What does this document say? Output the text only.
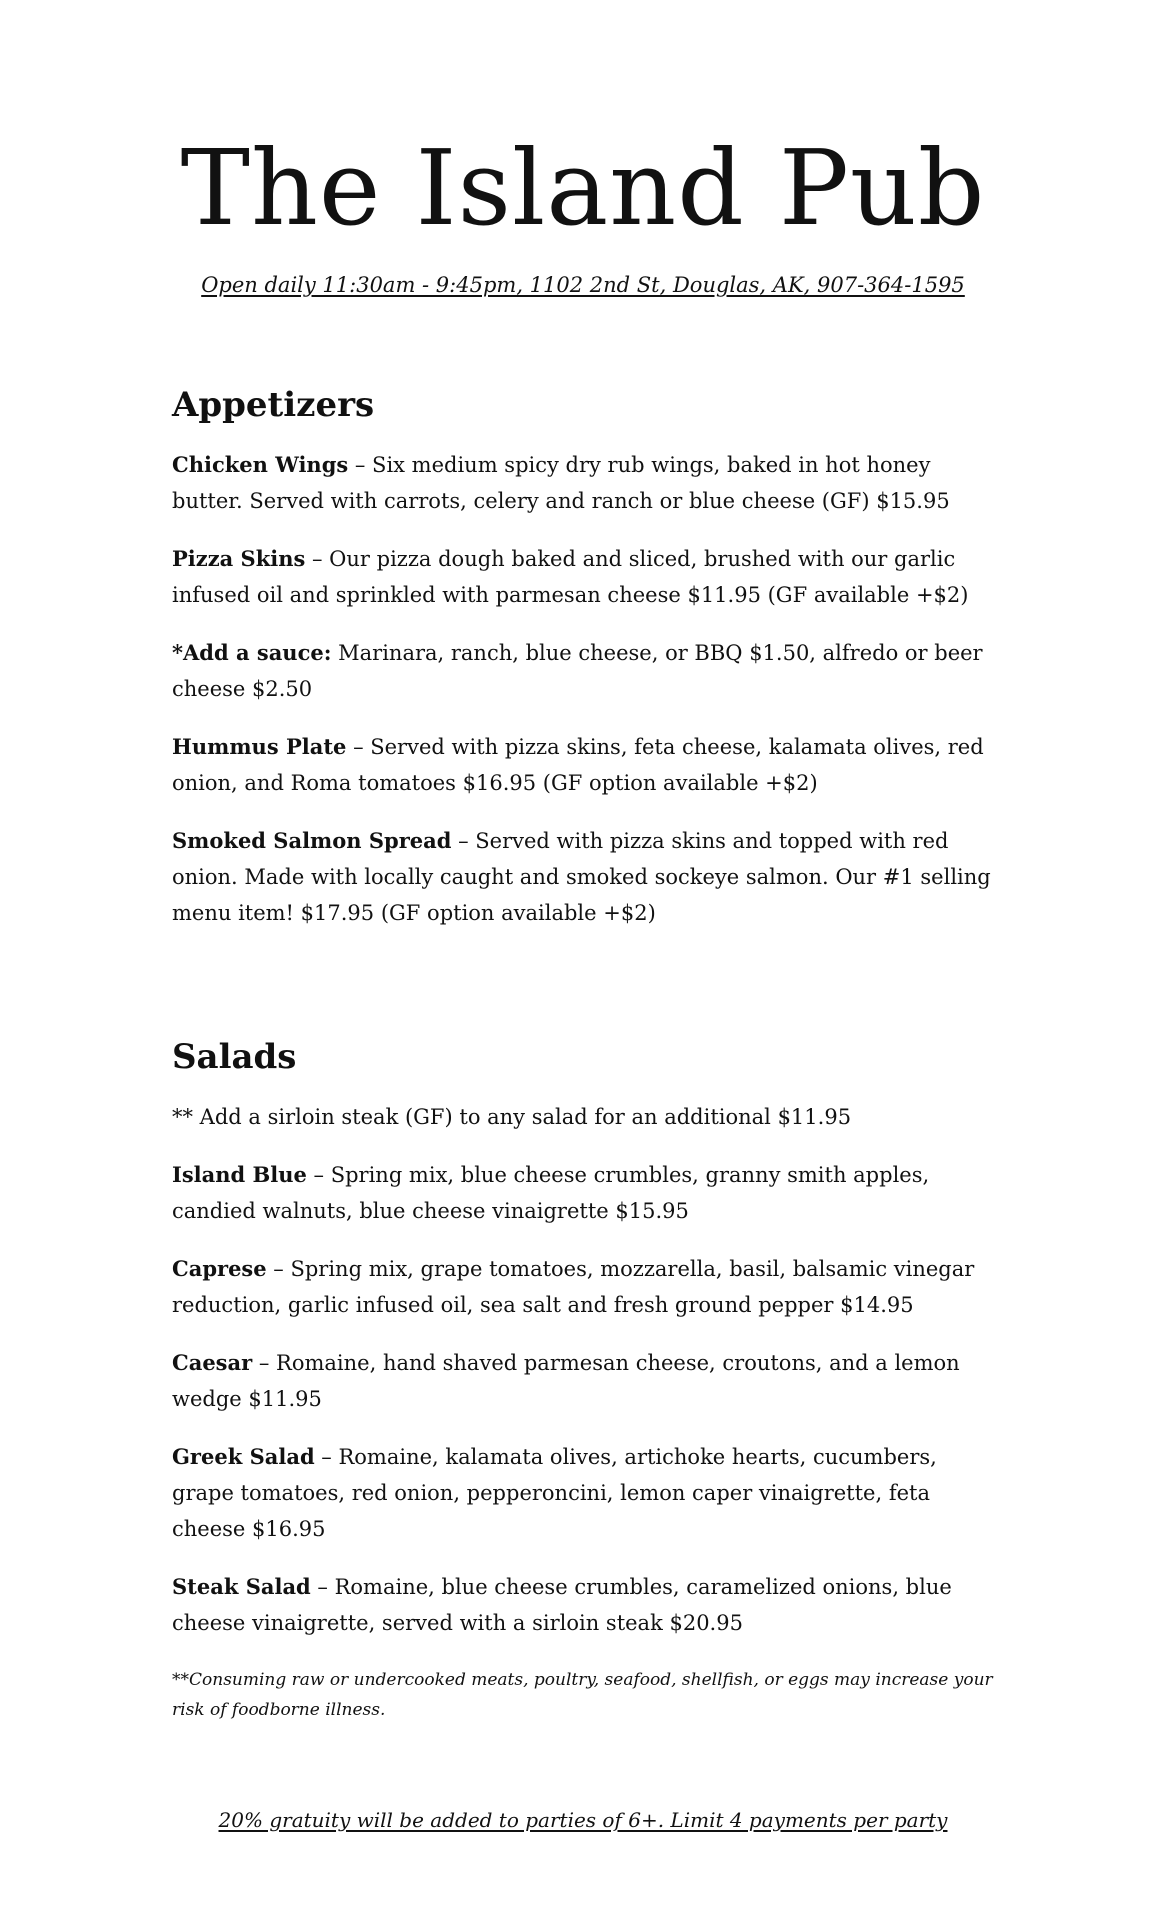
The Island Pub

Open daily 11:30am - 9:45pm, 1102 2nd St, Douglas, AK, 907-364-1595

Appetizers

Chicken Wings – Six medium spicy dry rub wings, baked in hot honey butter. Served with carrots, celery and ranch or blue cheese (GF) $15.95

Pizza Skins – Our pizza dough baked and sliced, brushed with our garlic infused oil and sprinkled with parmesan cheese $11.95 (GF available +$2)

*Add a sauce: Marinara, ranch, blue cheese, or BBQ $1.50, alfredo or beer cheese $2.50

Hummus Plate – Served with pizza skins, feta cheese, kalamata olives, red onion, and Roma tomatoes $16.95 (GF option available +$2)

Smoked Salmon Spread – Served with pizza skins and topped with red onion. Made with locally caught and smoked sockeye salmon. Our #1 selling menu item! $17.95 (GF option available +$2)

Salads

** Add a sirloin steak (GF) to any salad for an additional $11.95

Island Blue – Spring mix, blue cheese crumbles, granny smith apples, candied walnuts, blue cheese vinaigrette $15.95

Caprese – Spring mix, grape tomatoes, mozzarella, basil, balsamic vinegar reduction, garlic infused oil, sea salt and fresh ground pepper $14.95

Caesar – Romaine, hand shaved parmesan cheese, croutons, and a lemon wedge $11.95

Greek Salad – Romaine, kalamata olives, artichoke hearts, cucumbers, grape tomatoes, red onion, pepperoncini, lemon caper vinaigrette, feta cheese $16.95

Steak Salad – Romaine, blue cheese crumbles, caramelized onions, blue cheese vinaigrette, served with a sirloin steak $20.95

**Consuming raw or undercooked meats, poultry, seafood, shellfish, or eggs may increase your risk of foodborne illness.

20% gratuity will be added to parties of 6+. Limit 4 payments per party
